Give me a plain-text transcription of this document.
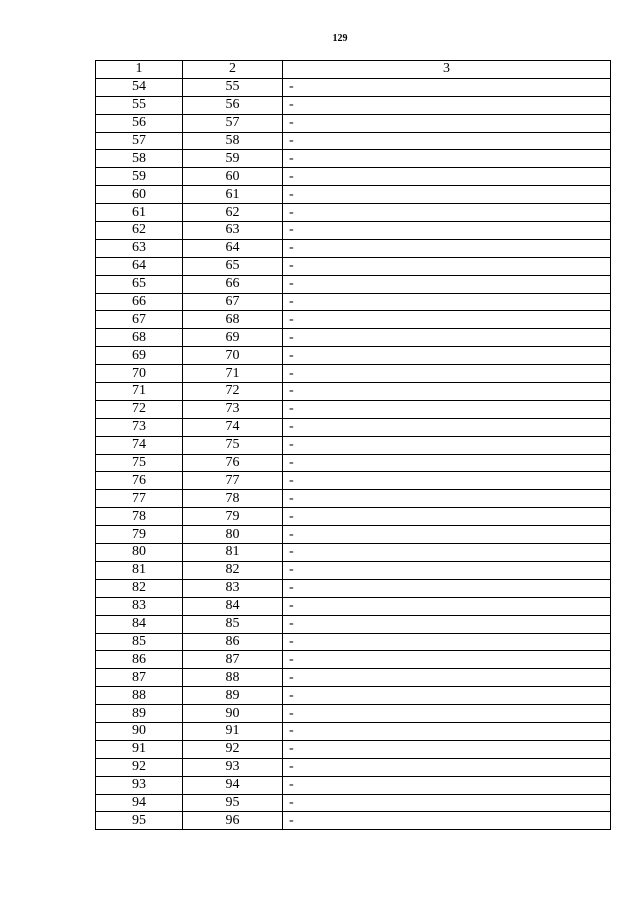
129
1	2	3
54	55	-
55	56	-
56	57	-
57	58	-
58	59	-
59	60	-
60	61	-
61	62	-
62	63	-
63	64	-
64	65	-
65	66	-
66	67	-
67	68	-
68	69	-
69	70	-
70	71	-
71	72	-
72	73	-
73	74	-
74	75	-
75	76	-
76	77	-
77	78	-
78	79	-
79	80	-
80	81	-
81	82	-
82	83	-
83	84	-
84	85	-
85	86	-
86	87	-
87	88	-
88	89	-
89	90	-
90	91	-
91	92	-
92	93	-
93	94	-
94	95	-
95	96	-
